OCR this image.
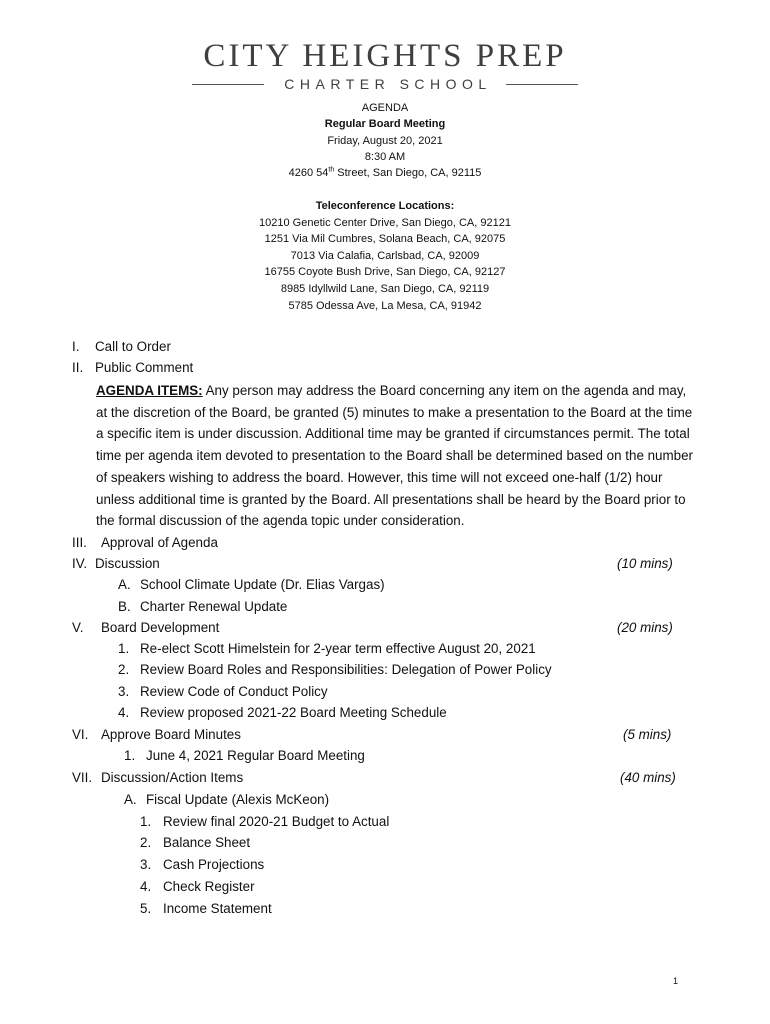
CITY HEIGHTS PREP
CHARTER SCHOOL
AGENDA
Regular Board Meeting
Friday, August 20, 2021
8:30 AM
4260 54th Street, San Diego, CA, 92115
Teleconference Locations:
10210 Genetic Center Drive, San Diego, CA, 92121
1251 Via Mil Cumbres, Solana Beach, CA, 92075
7013 Via Calafia, Carlsbad, CA, 92009
16755 Coyote Bush Drive, San Diego, CA, 92127
8985 Idyllwild Lane, San Diego, CA, 92119
5785 Odessa Ave, La Mesa, CA, 91942
I. Call to Order
II. Public Comment
AGENDA ITEMS: Any person may address the Board concerning any item on the agenda and may, at the discretion of the Board, be granted (5) minutes to make a presentation to the Board at the time a specific item is under discussion. Additional time may be granted if circumstances permit. The total time per agenda item devoted to presentation to the Board shall be determined based on the number of speakers wishing to address the board. However, this time will not exceed one-half (1/2) hour unless additional time is granted by the Board. All presentations shall be heard by the Board prior to the formal discussion of the agenda topic under consideration.
III. Approval of Agenda
IV. Discussion	(10 mins)
A. School Climate Update (Dr. Elias Vargas)
B. Charter Renewal Update
V. Board Development	(20 mins)
1. Re-elect Scott Himelstein for 2-year term effective August 20, 2021
2. Review Board Roles and Responsibilities: Delegation of Power Policy
3. Review Code of Conduct Policy
4. Review proposed 2021-22 Board Meeting Schedule
VI. Approve Board Minutes	(5 mins)
1. June 4, 2021 Regular Board Meeting
VII. Discussion/Action Items	(40 mins)
A. Fiscal Update (Alexis McKeon)
1. Review final 2020-21 Budget to Actual
2. Balance Sheet
3. Cash Projections
4. Check Register
5. Income Statement
1
